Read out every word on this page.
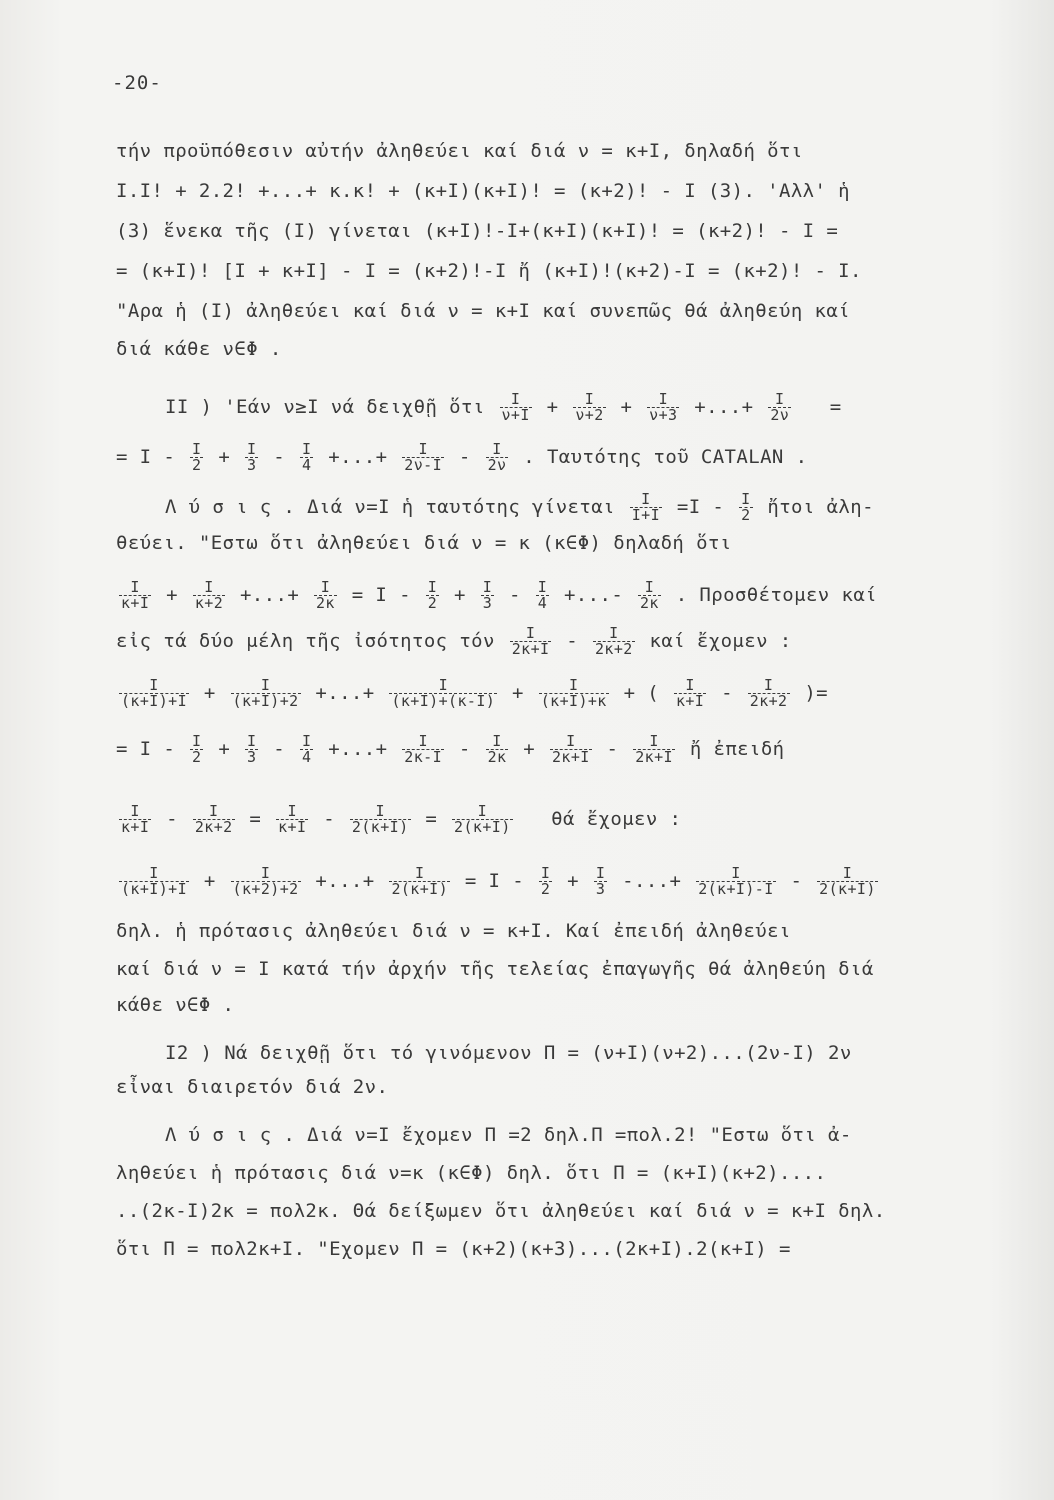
-20-
τήν προϋπόθεσιν αὐτήν ἀληθεύει καί διά ν = κ+Ι, δηλαδή ὅτι
Ι.Ι! + 2.2! +...+ κ.κ! + (κ+Ι)(κ+Ι)! = (κ+2)! - Ι (3). 'Αλλ' ἡ
(3) ἕνεκα τῆς (Ι) γίνεται (κ+Ι)!-Ι+(κ+Ι)(κ+Ι)! = (κ+2)! - Ι =
= (κ+Ι)! [Ι + κ+Ι] - Ι = (κ+2)!-Ι ἤ (κ+Ι)!(κ+2)-Ι = (κ+2)! - Ι.
"Αρα ἡ (Ι) ἀληθεύει καί διά ν = κ+Ι καί συνεπῶς θά ἀληθεύη καί
διά κάθε ν∈Φ .
ΙΙ ) 'Εάν ν≥Ι νά δειχθῇ ὅτι $\frac{I}{\nu+I} + \frac{I}{\nu+2} + \frac{I}{\nu+3}$ +...+ $\frac{I}{2\nu}$ =
= $I - \frac{I}{2} + \frac{I}{3} - \frac{I}{4}$ +...+ $\frac{I}{2\nu-I} - \frac{I}{2\nu}$ . Ταυτότης τοῦ CATALAN .
Λ ύ σ ι ς . Διά ν=Ι ἡ ταυτότης γίνεται $\frac{I}{I+I} =I - \frac{I}{2}$ ἤτοι ἀλη-
θεύει. "Εστω ὅτι ἀληθεύει διά ν = κ (κ∈Φ) δηλαδή ὅτι
$\frac{I}{\kappa+I} + \frac{I}{\kappa+2}$ +...+ $\frac{I}{2\kappa} = I - \frac{I}{2} + \frac{I}{3} - \frac{I}{4}$ +...- $\frac{I}{2\kappa}$ . Προσθέτομεν καί
εἰς τά δύο μέλη τῆς ἰσότητος τόν $\frac{I}{2\kappa+I} - \frac{I}{2\kappa+2}$ καί ἔχομεν :
$\frac{I}{(\kappa+I)+I} + \frac{I}{(\kappa+I)+2}$ +...+ $\frac{I}{(\kappa+I)+(\kappa-I)} + \frac{I}{(\kappa+I)+\kappa}$ + ( $\frac{I}{\kappa+I} - \frac{I}{2\kappa+2}$ )=
= $I - \frac{I}{2} + \frac{I}{3} - \frac{I}{4}$ +...+ $\frac{I}{2\kappa-I} - \frac{I}{2\kappa} + \frac{I}{2\kappa+I} - \frac{I}{2\kappa+I}$ ἤ ἐπειδή
$\frac{I}{\kappa+I} - \frac{I}{2\kappa+2} = \frac{I}{\kappa+I} - \frac{I}{2(\kappa+I)} = \frac{I}{2(\kappa+I)}$ θά ἔχομεν :
$\frac{I}{(\kappa+I)+I} + \frac{I}{(\kappa+2)+2}$ +...+ $\frac{I}{2(\kappa+I)} = I - \frac{I}{2} + \frac{I}{3}$ -...+ $\frac{I}{2(\kappa+I)-I} - \frac{I}{2(\kappa+I)}$
δηλ. ἡ πρότασις ἀληθεύει διά ν = κ+Ι. Καί ἐπειδή ἀληθεύει
καί διά ν = Ι κατά τήν ἀρχήν τῆς τελείας ἐπαγωγῆς θά ἀληθεύη διά
κάθε ν∈Φ .
Ι2 ) Νά δειχθῇ ὅτι τό γινόμενον Π = (ν+Ι)(ν+2)...(2ν-Ι) 2ν
εἶναι διαιρετόν διά 2ν.
Λ ύ σ ι ς . Διά ν=Ι ἔχομεν Π =2 δηλ.Π =πολ.2! "Εστω ὅτι ἀ-
ληθεύει ἡ πρότασις διά ν=κ (κ∈Φ) δηλ. ὅτι Π = (κ+Ι)(κ+2)....
..(2κ-Ι)2κ = πολ2κ. Θά δείξωμεν ὅτι ἀληθεύει καί διά ν = κ+Ι δηλ.
ὅτι Π = πολ2κ+Ι. "Εχομεν Π = (κ+2)(κ+3)...(2κ+Ι).2(κ+Ι) =
